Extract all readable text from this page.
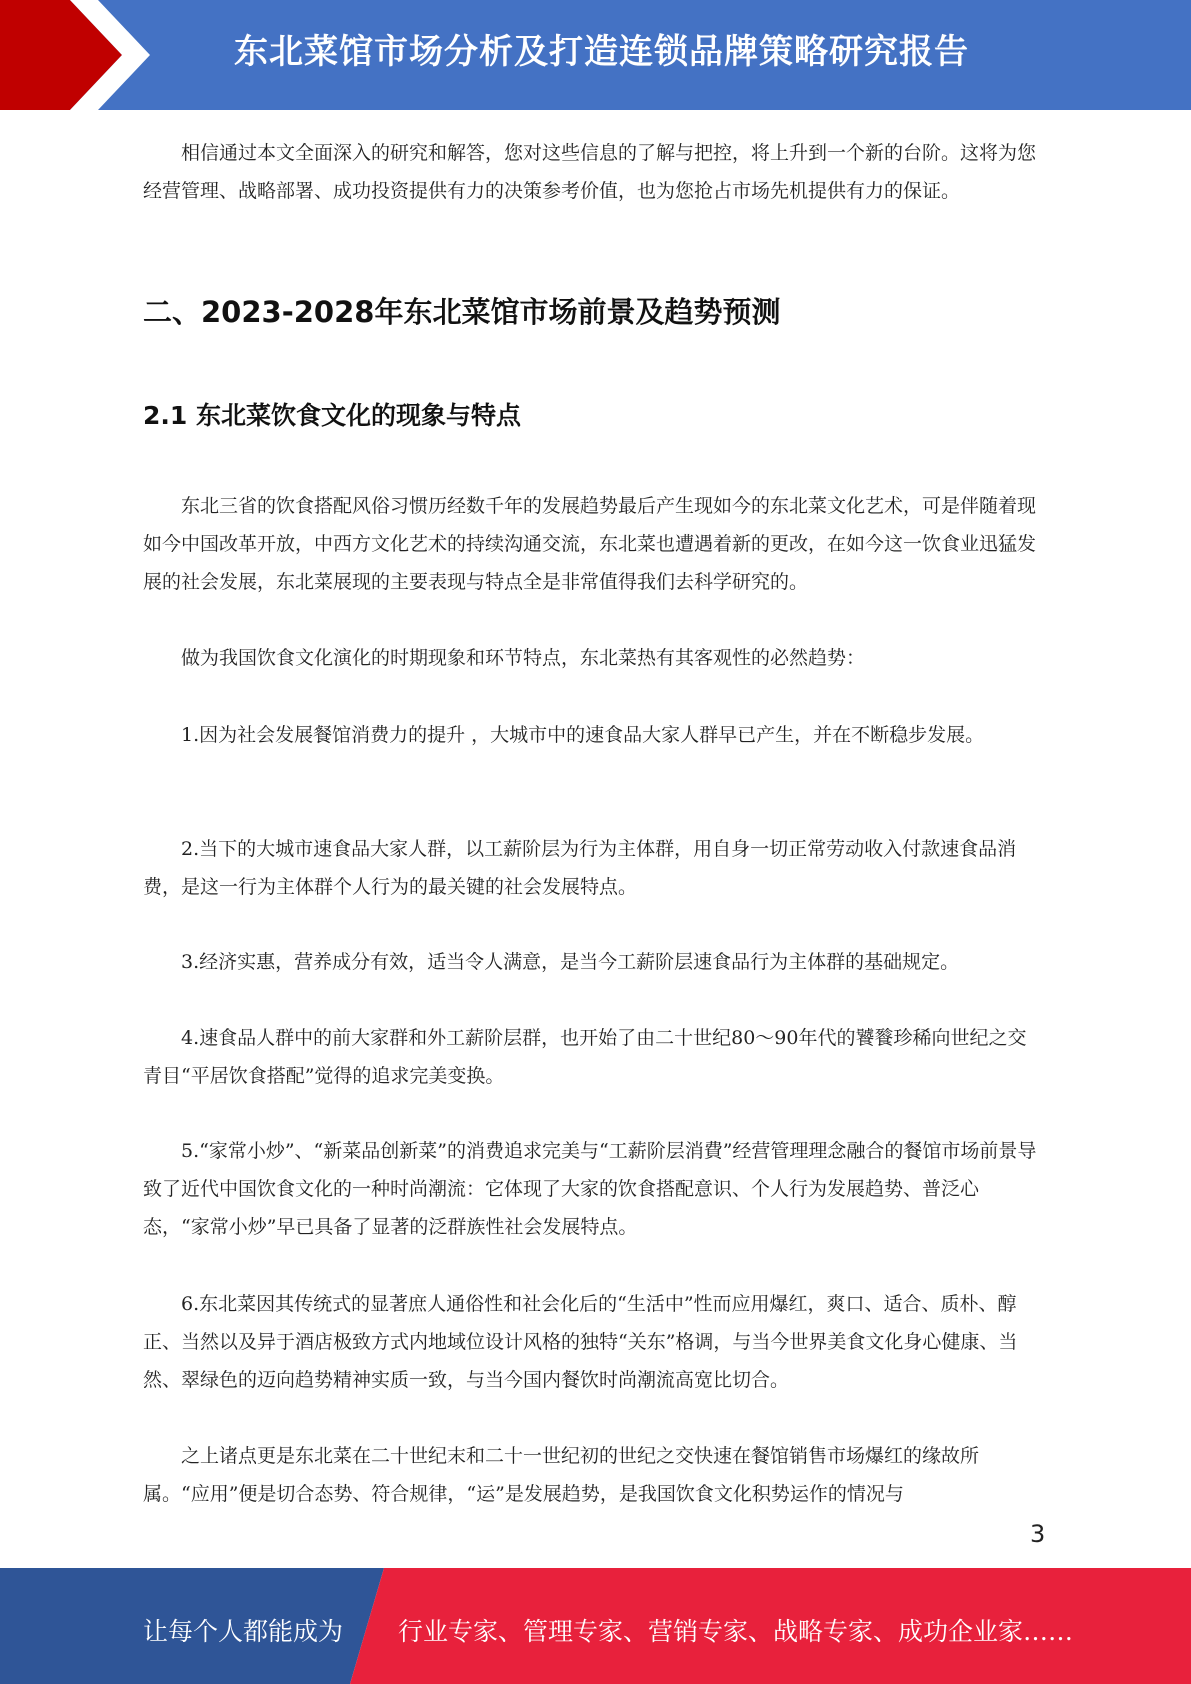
东北菜馆市场分析及打造连锁品牌策略研究报告

相信通过本文全面深入的研究和解答，您对这些信息的了解与把控，将上升到一个新的台阶。这将为您经营管理、战略部署、成功投资提供有力的决策参考价值，也为您抢占市场先机提供有力的保证。

二、2023-2028年东北菜馆市场前景及趋势预测
2.1 东北菜饮食文化的现象与特点

东北三省的饮食搭配风俗习惯历经数千年的发展趋势最后产生现如今的东北菜文化艺术，可是伴随着现如今中国改革开放，中西方文化艺术的持续沟通交流，东北菜也遭遇着新的更改，在如今这一饮食业迅猛发展的社会发展，东北菜展现的主要表现与特点全是非常值得我们去科学研究的。

做为我国饮食文化演化的时期现象和环节特点，东北菜热有其客观性的必然趋势：

1.因为社会发展餐馆消费力的提升 ，大城市中的速食品大家人群早已产生，并在不断稳步发展。

2.当下的大城市速食品大家人群，以工薪阶层为行为主体群，用自身一切正常劳动收入付款速食品消费，是这一行为主体群个人行为的最关键的社会发展特点。

3.经济实惠，营养成分有效，适当令人满意，是当今工薪阶层速食品行为主体群的基础规定。

4.速食品人群中的前大家群和外工薪阶层群，也开始了由二十世纪80～90年代的饕餮珍稀向世纪之交青目“平居饮食搭配”觉得的追求完美变换。

5.“家常小炒”、“新菜品创新菜”的消费追求完美与“工薪阶层消費”经营管理理念融合的餐馆市场前景导致了近代中国饮食文化的一种时尚潮流：它体现了大家的饮食搭配意识、个人行为发展趋势、普泛心态，“家常小炒”早已具备了显著的泛群族性社会发展特点。

6.东北菜因其传统式的显著庶人通俗性和社会化后的“生活中”性而应用爆红，爽口、适合、质朴、醇正、当然以及异于酒店极致方式内地域位设计风格的独特“关东”格调，与当今世界美食文化身心健康、当然、翠绿色的迈向趋势精神实质一致，与当今国内餐饮时尚潮流高宽比切合。

之上诸点更是东北菜在二十世纪末和二十一世纪初的世纪之交快速在餐馆销售市场爆红的缘故所属。“应用”便是切合态势、符合规律，“运”是发展趋势，是我国饮食文化积势运作的情况与

3
让每个人都能成为 行业专家、管理专家、营销专家、战略专家、成功企业家……
